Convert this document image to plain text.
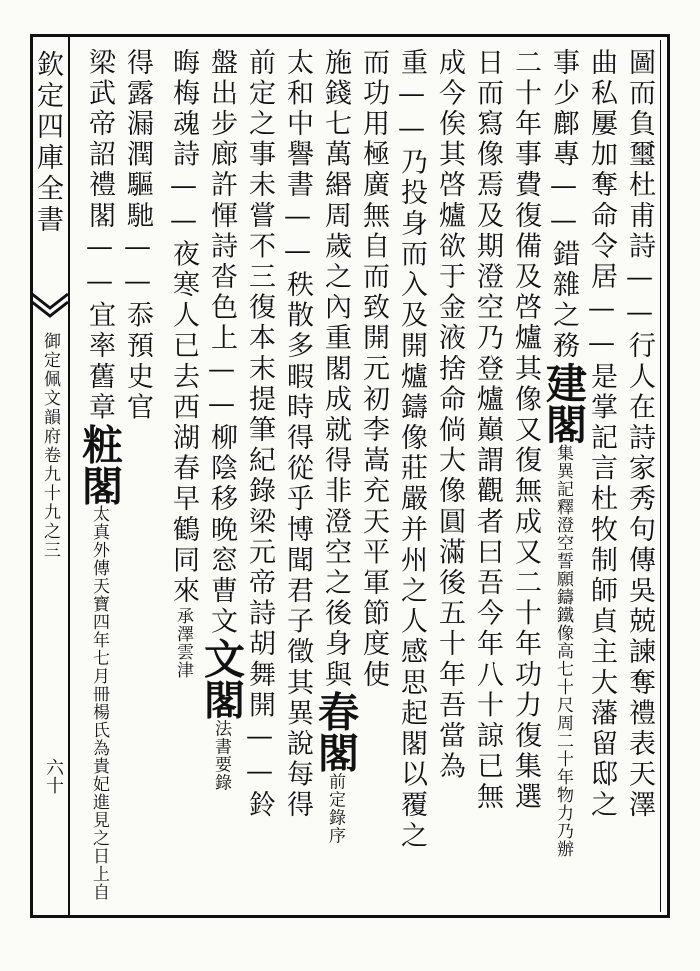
欽定四庫全書
御定佩文韻府卷九十九之三
六十	圖而負璽杜甫詩——行人在詩家秀句傳吳兢諫奪禮表天澤
曲私屢加奪命令居——是掌記言杜牧制師貞主大藩留邸之
事少鄜專——錯雜之務建閣集異記釋澄空誓願鑄鐵像高七十尺周二十年物力乃辦
二十年事費復備及啓爐其像又復無成又二十年功力復集選
日而寫像焉及期澄空乃登爐巔謂觀者曰吾今年八十諒已無
成今俟其啓爐欲于金液捨命倘大像圓滿後五十年吾當為
重——乃投身而入及開爐鑄像莊嚴并州之人感思起閣以覆之
而功用極廣無自而致開元初李嵩充天平軍節度使
施錢七萬緡周歲之內重閣成就得非澄空之後身與春閣前定錄序
太和中譽書——秩散多暇時得從乎博聞君子徵其異說每得
前定之事未嘗不三復本末提筆紀錄梁元帝詩胡舞開——鈴
盤出步廊許惲詩沓色上——柳陰移晚窓曹文文閣法書要錄
晦梅魂詩——夜寒人已去西湖春早鶴同來承澤雲津
得露漏潤驅馳——忝預史官
梁武帝詔禮閣——宜率舊章粧閣太真外傳天寶四年七月冊楊氏為貴妃進見之日上自
